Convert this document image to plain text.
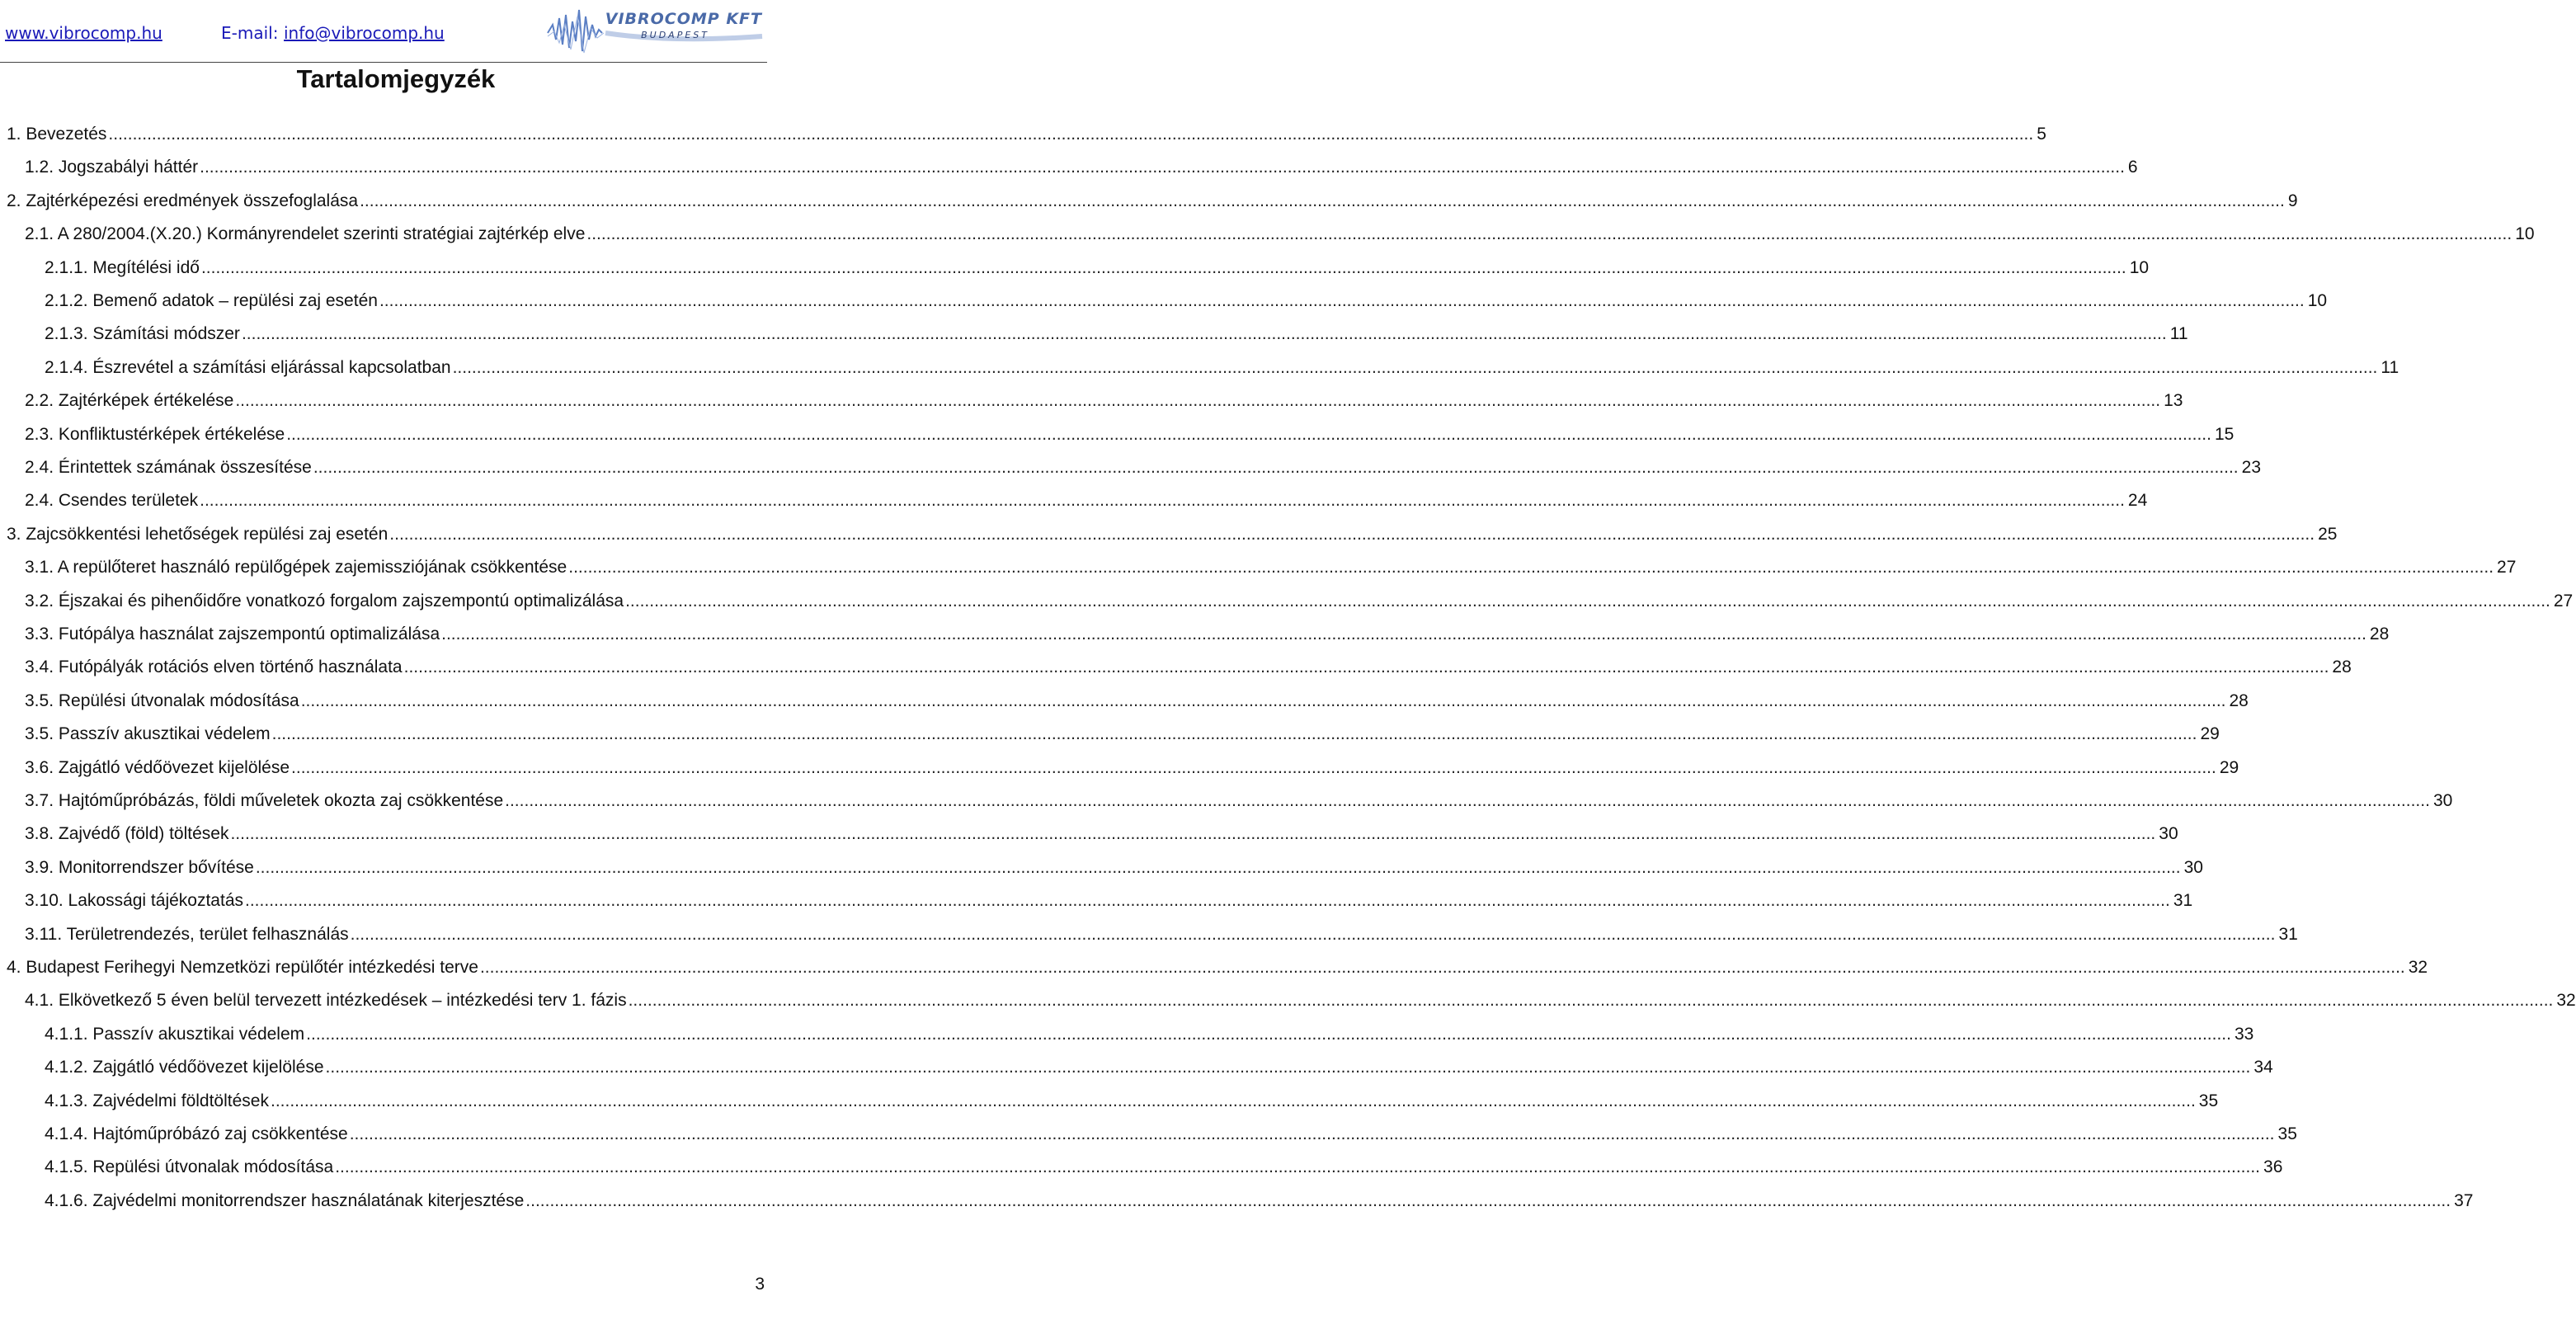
www.vibrocomp.hu	E-mail: info@vibrocomp.hu
VIBROCOMP KFT
BUDAPEST
Tartalomjegyzék
1. Bevezetés ................................................................................................................................................................................................................................................................................................................................................................................................................ 5
1.2. Jogszabályi háttér ................................................................................................................................................................................................................................................................................................................................................................................................................ 6
2. Zajtérképezési eredmények összefoglalása ................................................................................................................................................................................................................................................................................................................................................................................................................ 9
2.1. A 280/2004.(X.20.) Kormányrendelet szerinti stratégiai zajtérkép elve ................................................................................................................................................................................................................................................................................................................................................................................................................ 10
2.1.1. Megítélési idő ................................................................................................................................................................................................................................................................................................................................................................................................................ 10
2.1.2. Bemenő adatok – repülési zaj esetén ................................................................................................................................................................................................................................................................................................................................................................................................................ 10
2.1.3. Számítási módszer ................................................................................................................................................................................................................................................................................................................................................................................................................ 11
2.1.4. Észrevétel a számítási eljárással kapcsolatban ................................................................................................................................................................................................................................................................................................................................................................................................................ 11
2.2. Zajtérképek értékelése ................................................................................................................................................................................................................................................................................................................................................................................................................ 13
2.3. Konfliktustérképek értékelése ................................................................................................................................................................................................................................................................................................................................................................................................................ 15
2.4. Érintettek számának összesítése ................................................................................................................................................................................................................................................................................................................................................................................................................ 23
2.4. Csendes területek ................................................................................................................................................................................................................................................................................................................................................................................................................ 24
3. Zajcsökkentési lehetőségek repülési zaj esetén ................................................................................................................................................................................................................................................................................................................................................................................................................ 25
3.1. A repülőteret használó repülőgépek zajemissziójának csökkentése ................................................................................................................................................................................................................................................................................................................................................................................................................ 27
3.2. Éjszakai és pihenőidőre vonatkozó forgalom zajszempontú optimalizálása ................................................................................................................................................................................................................................................................................................................................................................................................................ 27
3.3. Futópálya használat zajszempontú optimalizálása ................................................................................................................................................................................................................................................................................................................................................................................................................ 28
3.4. Futópályák rotációs elven történő használata ................................................................................................................................................................................................................................................................................................................................................................................................................ 28
3.5. Repülési útvonalak módosítása ................................................................................................................................................................................................................................................................................................................................................................................................................ 28
3.5. Passzív akusztikai védelem ................................................................................................................................................................................................................................................................................................................................................................................................................ 29
3.6. Zajgátló védőövezet kijelölése ................................................................................................................................................................................................................................................................................................................................................................................................................ 29
3.7. Hajtóműpróbázás, földi műveletek okozta zaj csökkentése ................................................................................................................................................................................................................................................................................................................................................................................................................ 30
3.8. Zajvédő (föld) töltések ................................................................................................................................................................................................................................................................................................................................................................................................................ 30
3.9. Monitorrendszer bővítése ................................................................................................................................................................................................................................................................................................................................................................................................................ 30
3.10. Lakossági tájékoztatás ................................................................................................................................................................................................................................................................................................................................................................................................................ 31
3.11. Területrendezés, terület felhasználás ................................................................................................................................................................................................................................................................................................................................................................................................................ 31
4. Budapest Ferihegyi Nemzetközi repülőtér intézkedési terve ................................................................................................................................................................................................................................................................................................................................................................................................................ 32
4.1. Elkövetkező 5 éven belül tervezett intézkedések – intézkedési terv 1. fázis ................................................................................................................................................................................................................................................................................................................................................................................................................ 32
4.1.1. Passzív akusztikai védelem ................................................................................................................................................................................................................................................................................................................................................................................................................ 33
4.1.2. Zajgátló védőövezet kijelölése ................................................................................................................................................................................................................................................................................................................................................................................................................ 34
4.1.3. Zajvédelmi földtöltések ................................................................................................................................................................................................................................................................................................................................................................................................................ 35
4.1.4. Hajtóműpróbázó zaj csökkentése ................................................................................................................................................................................................................................................................................................................................................................................................................ 35
4.1.5. Repülési útvonalak módosítása ................................................................................................................................................................................................................................................................................................................................................................................................................ 36
4.1.6. Zajvédelmi monitorrendszer használatának kiterjesztése ................................................................................................................................................................................................................................................................................................................................................................................................................ 37
3
